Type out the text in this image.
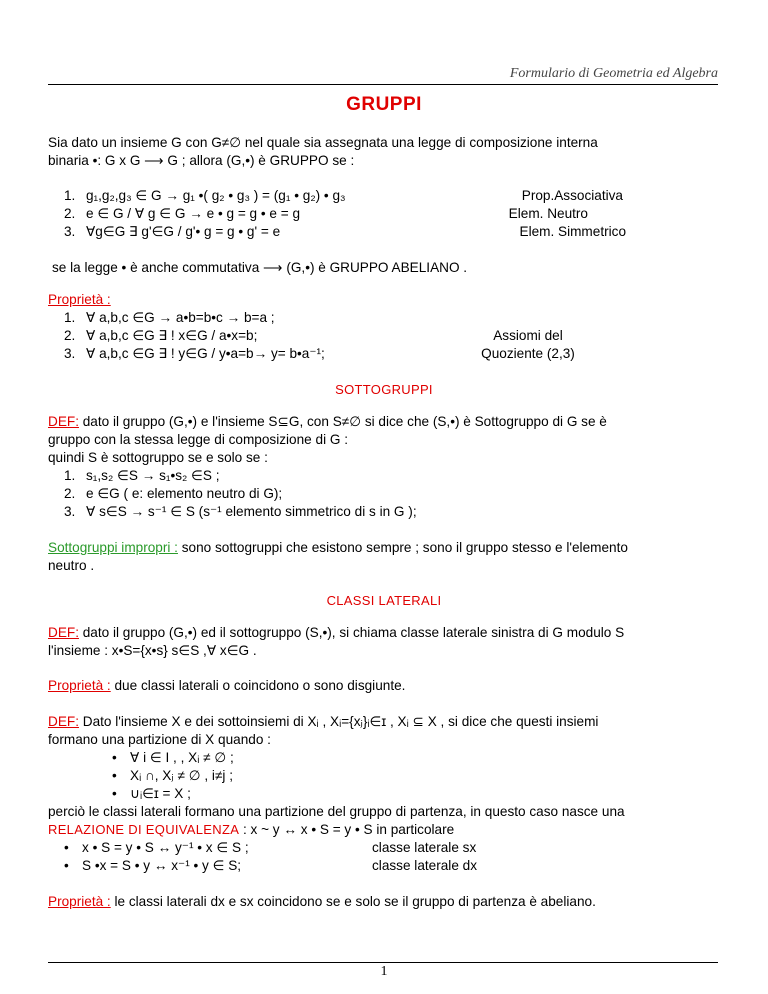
Formulario di Geometria ed Algebra
GRUPPI
Sia dato un insieme G con G≠∅ nel quale sia assegnata una legge di composizione interna
binaria •: G x G ⟶ G ; allora (G,•) è GRUPPO se :
1. g₁,g₂,g₃ ∈ G → g₁ •( g₂ • g₃ ) = (g₁ • g₂) • g₃	Prop.Associativa
2. e ∈ G / ∀ g ∈ G → e • g = g • e = g	Elem. Neutro
3. ∀g∈G ∃ g'∈G / g'• g = g • g' = e	Elem. Simmetrico
se la legge • è anche commutativa ⟶ (G,•) è GRUPPO ABELIANO .
Proprietà :
1. ∀ a,b,c ∈G → a•b=b•c → b=a ;
2. ∀ a,b,c ∈G ∃ ! x∈G / a•x=b;
3. ∀ a,b,c ∈G ∃ ! y∈G / y•a=b→ y= b•a⁻¹;
Assiomi del
Quoziente (2,3)
SOTTOGRUPPI
DEF: dato il gruppo (G,•) e l'insieme S⊆G, con S≠∅ si dice che (S,•) è Sottogruppo di G se è
gruppo con la stessa legge di composizione di G :
quindi S è sottogruppo se e solo se :
1. s₁,s₂ ∈S → s₁•s₂ ∈S ;
2. e ∈G ( e: elemento neutro di G);
3. ∀ s∈S → s⁻¹ ∈ S (s⁻¹ elemento simmetrico di s in G );
Sottogruppi impropri : sono sottogruppi che esistono sempre ; sono il gruppo stesso e l'elemento
neutro .
CLASSI LATERALI
DEF: dato il gruppo (G,•) ed il sottogruppo (S,•), si chiama classe laterale sinistra di G modulo S
l'insieme : x•S={x•s} s∈S ,∀ x∈G .
Proprietà : due classi laterali o coincidono o sono disgiunte.
DEF: Dato l'insieme X e dei sottoinsiemi di Xᵢ , Xᵢ={xⱼ}ᵢ∈ɪ , Xᵢ ⊆ X , si dice che questi insiemi
formano una partizione di X quando :
• ∀ i ∈ I , , Xᵢ ≠ ∅ ;
• Xᵢ ∩, Xⱼ ≠ ∅ , i≠j ;
• ∪ᵢ∈ɪ = X ;
perciò le classi laterali formano una partizione del gruppo di partenza, in questo caso nasce una
RELAZIONE DI EQUIVALENZA : x ~ y ↔ x • S = y • S in particolare
• x • S = y • S ↔ y⁻¹ • x ∈ S ;	classe laterale sx
• S •x = S • y ↔ x⁻¹ • y ∈ S;	classe laterale dx
Proprietà : le classi laterali dx e sx coincidono se e solo se il gruppo di partenza è abeliano.
1
